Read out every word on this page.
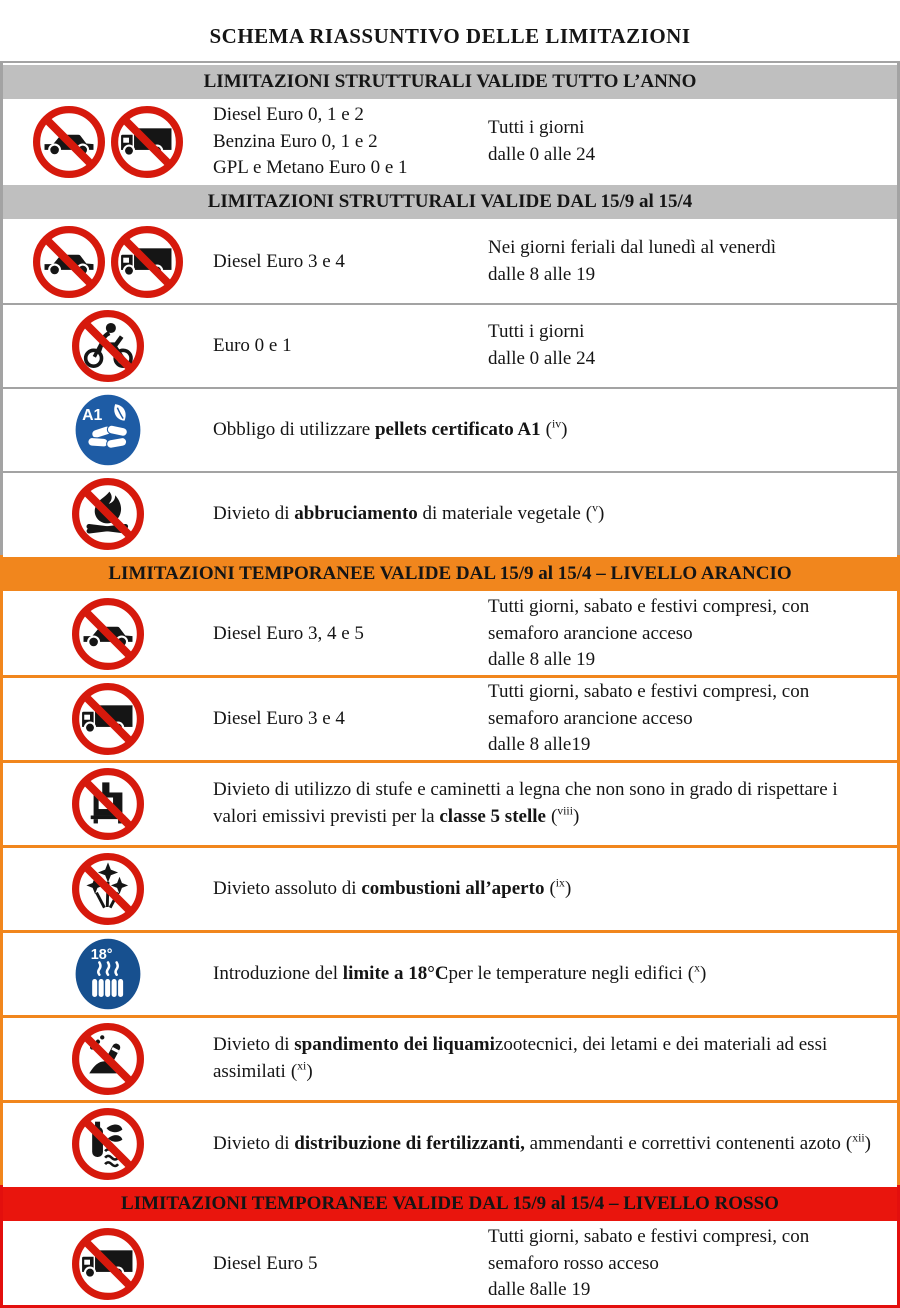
SCHEMA RIASSUNTIVO DELLE LIMITAZIONI
LIMITAZIONI STRUTTURALI VALIDE TUTTO L’ANNO
Diesel Euro 0, 1 e 2
Benzina Euro 0, 1 e 2
GPL e Metano Euro 0 e 1
Tutti i giorni
dalle 0 alle 24
LIMITAZIONI STRUTTURALI VALIDE DAL 15/9 al 15/4
Diesel Euro 3 e 4
Nei giorni feriali dal lunedì al venerdì
dalle 8 alle 19
Euro 0 e 1
Tutti i giorni
dalle 0 alle 24
A1
Obbligo di utilizzare pellets certificato A1 ($^{iv}$)
Divieto di abbruciamento di materiale vegetale ($^v$)
LIMITAZIONI TEMPORANEE VALIDE DAL 15/9 al 15/4 – LIVELLO ARANCIO
Diesel Euro 3, 4 e 5
Tutti giorni, sabato e festivi compresi, con
semaforo arancione acceso
dalle 8 alle 19
Diesel Euro 3 e 4
Tutti giorni, sabato e festivi compresi, con
semaforo arancione acceso
dalle 8 alle19
Divieto di utilizzo di stufe e caminetti a legna che non sono in grado di rispettare i valori emissivi previsti per la classe 5 stelle ($^{viii}$)
Divieto assoluto di combustioni all’aperto ($^{ix}$)
18°
Introduzione del limite a 18°Cper le temperature negli edifici ($^x$)
Divieto di spandimento dei liquamizootecnici, dei letami e dei materiali ad essi assimilati ($^{xi}$)
Divieto di distribuzione di fertilizzanti, ammendanti e correttivi contenenti azoto ($^{xii}$)
LIMITAZIONI TEMPORANEE VALIDE DAL 15/9 al 15/4 – LIVELLO ROSSO
Diesel Euro 5
Tutti giorni, sabato e festivi compresi, con
semaforo rosso acceso
dalle 8alle 19
